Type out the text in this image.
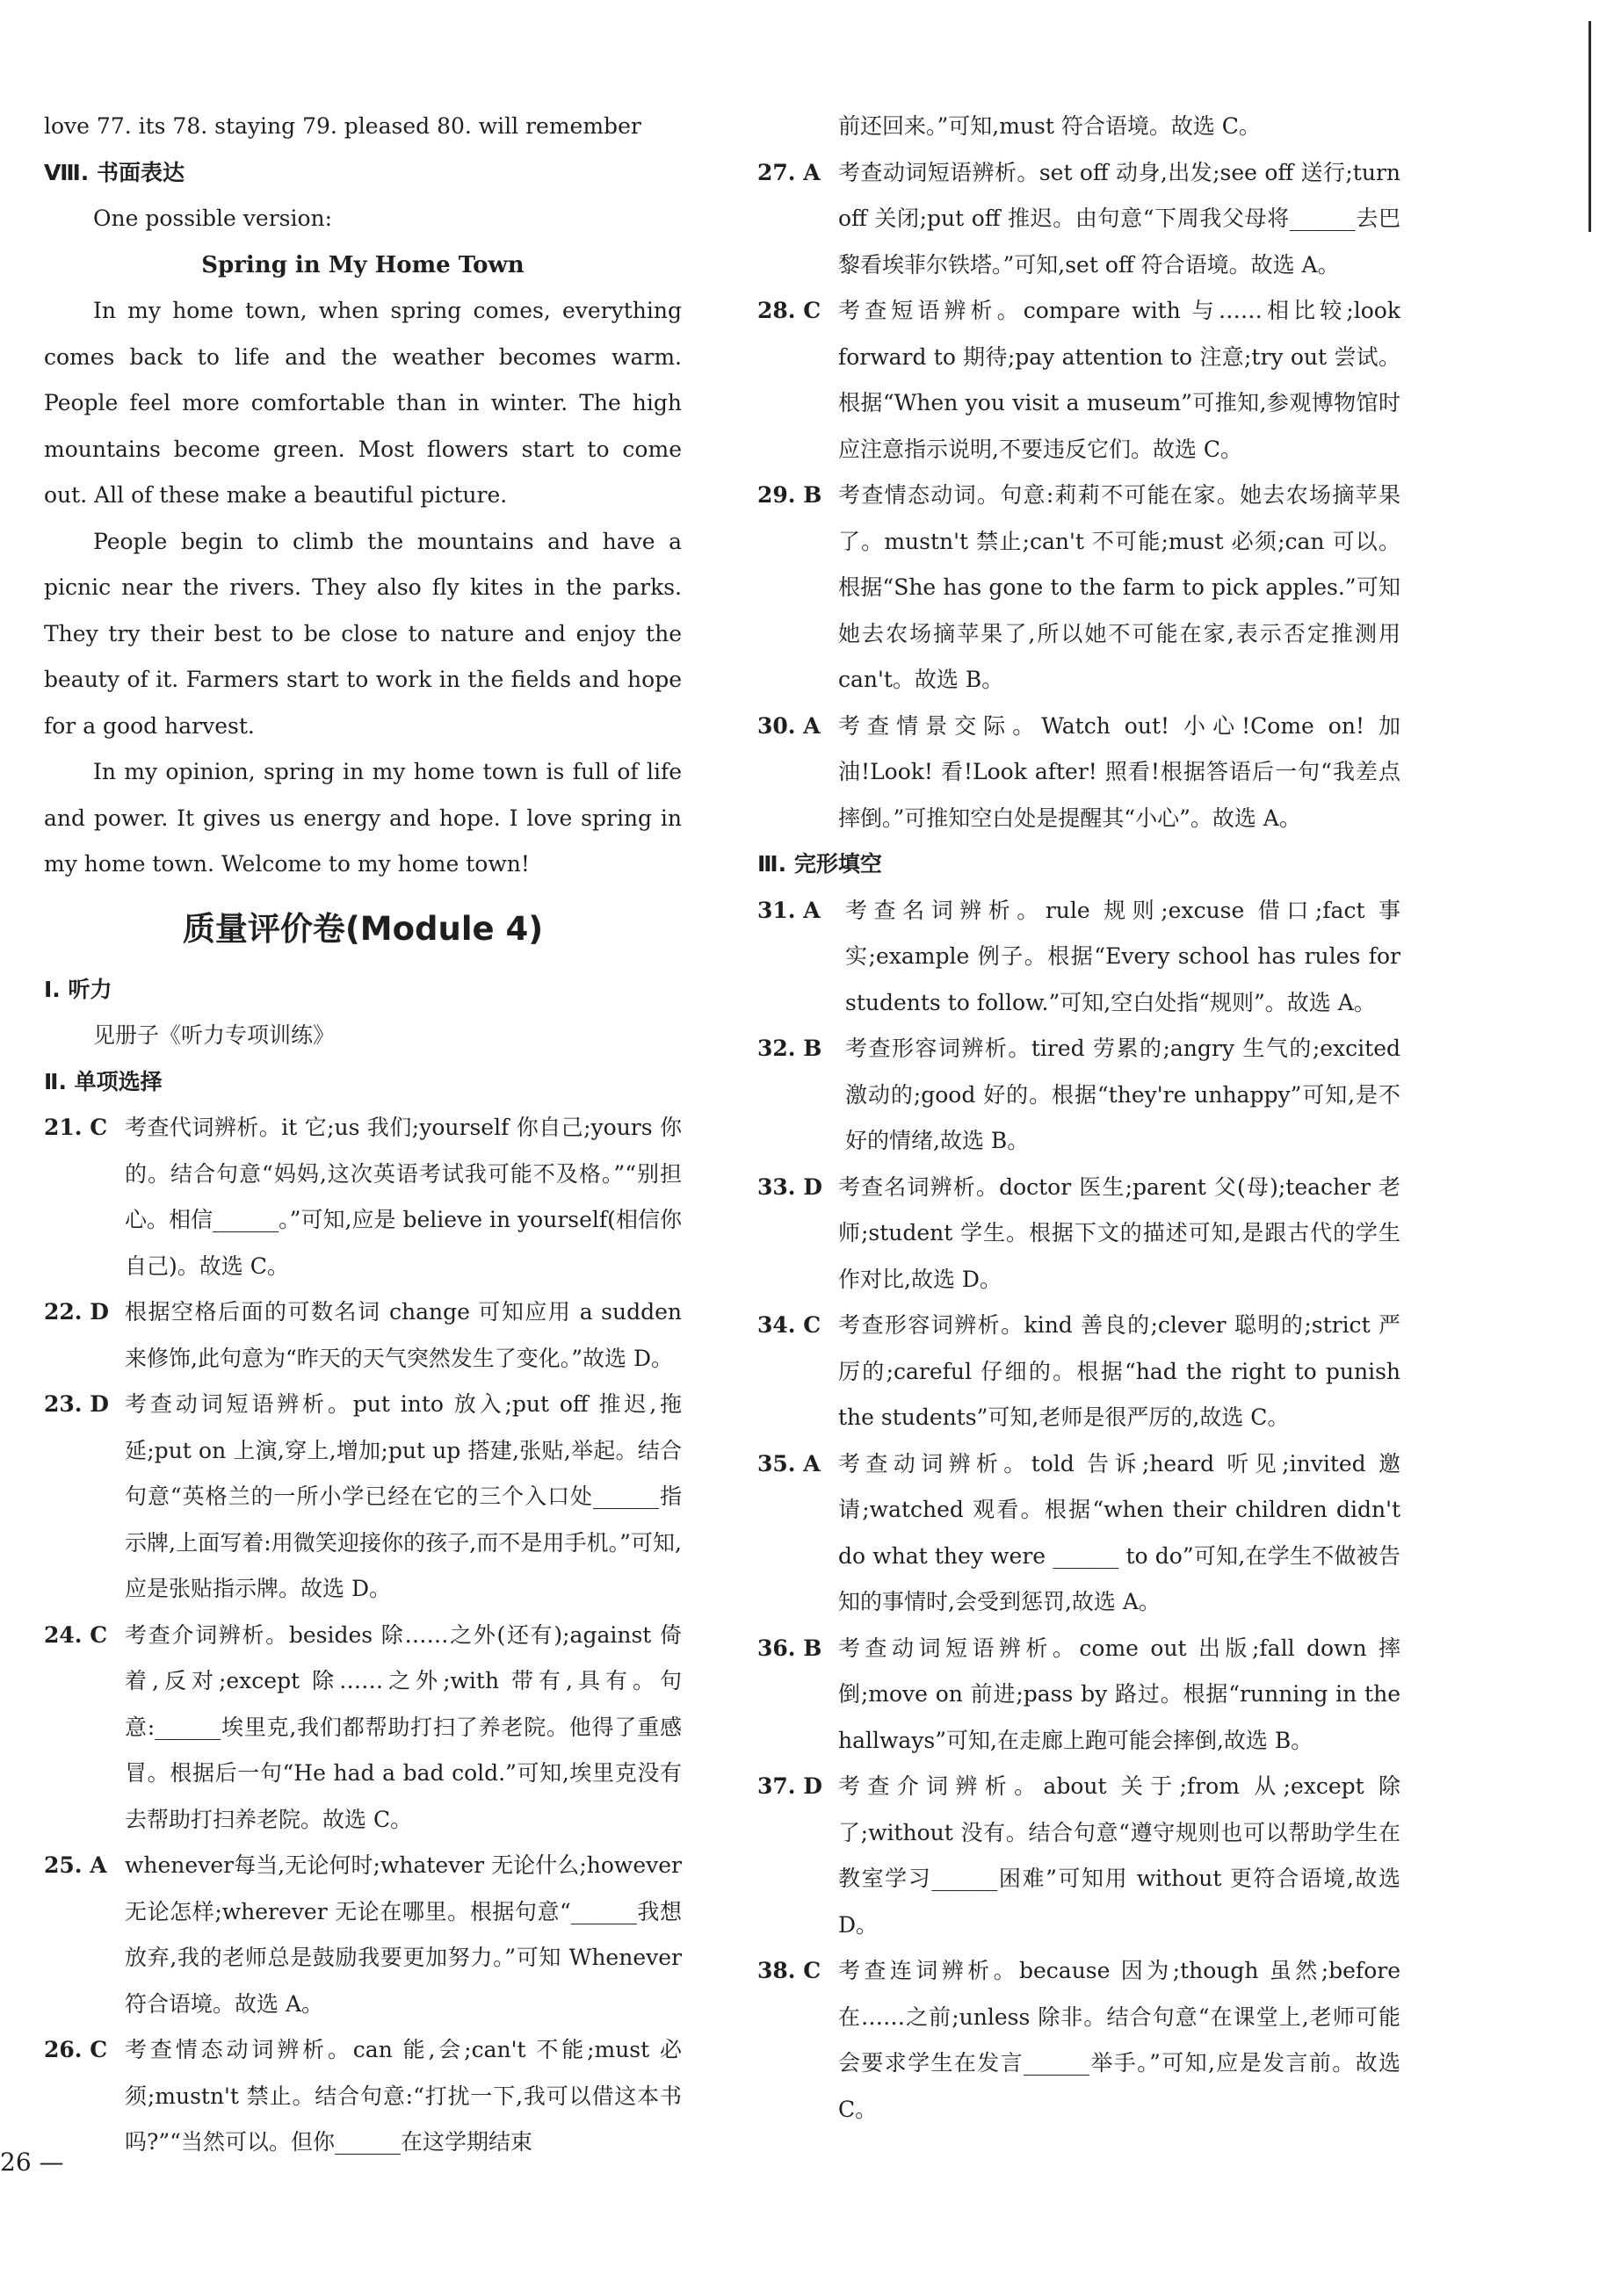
love 77. its 78. staying 79. pleased 80. will remember
Ⅷ. 书面表达
One possible version:
Spring in My Home Town
In my home town, when spring comes, everything comes back to life and the weather becomes warm. People feel more comfortable than in winter. The high mountains become green. Most flowers start to come out. All of these make a beautiful picture.
People begin to climb the mountains and have a picnic near the rivers. They also fly kites in the parks. They try their best to be close to nature and enjoy the beauty of it. Farmers start to work in the fields and hope for a good harvest.
In my opinion, spring in my home town is full of life and power. It gives us energy and hope. I love spring in my home town. Welcome to my home town!
质量评价卷(Module 4)
Ⅰ. 听力
见册子《听力专项训练》
Ⅱ. 单项选择
21. C 考查代词辨析。it 它;us 我们;yourself 你自己;yours 你的。结合句意“妈妈,这次英语考试我可能不及格。”“别担心。相信______。”可知,应是 believe in yourself(相信你自己)。故选 C。
22. D 根据空格后面的可数名词 change 可知应用 a sudden 来修饰,此句意为“昨天的天气突然发生了变化。”故选 D。
23. D 考查动词短语辨析。put into 放入;put off 推迟,拖延;put on 上演,穿上,增加;put up 搭建,张贴,举起。结合句意“英格兰的一所小学已经在它的三个入口处______指示牌,上面写着:用微笑迎接你的孩子,而不是用手机。”可知,应是张贴指示牌。故选 D。
24. C 考查介词辨析。besides 除……之外(还有);against 倚着,反对;except 除……之外;with 带有,具有。句意:______埃里克,我们都帮助打扫了养老院。他得了重感冒。根据后一句“He had a bad cold.”可知,埃里克没有去帮助打扫养老院。故选 C。
25. A whenever每当,无论何时;whatever 无论什么;however 无论怎样;wherever 无论在哪里。根据句意“______我想放弃,我的老师总是鼓励我要更加努力。”可知 Whenever 符合语境。故选 A。
26. C 考查情态动词辨析。can 能,会;can't 不能;must 必须;mustn't 禁止。结合句意:“打扰一下,我可以借这本书吗?”“当然可以。但你______在这学期结束
前还回来。”可知,must 符合语境。故选 C。
27. A 考查动词短语辨析。set off 动身,出发;see off 送行;turn off 关闭;put off 推迟。由句意“下周我父母将______去巴黎看埃菲尔铁塔。”可知,set off 符合语境。故选 A。
28. C 考查短语辨析。compare with 与……相比较;look forward to 期待;pay attention to 注意;try out 尝试。根据“When you visit a museum”可推知,参观博物馆时应注意指示说明,不要违反它们。故选 C。
29. B 考查情态动词。句意:莉莉不可能在家。她去农场摘苹果了。mustn't 禁止;can't 不可能;must 必须;can 可以。根据“She has gone to the farm to pick apples.”可知她去农场摘苹果了,所以她不可能在家,表示否定推测用 can't。故选 B。
30. A 考查情景交际。Watch out! 小心!Come on! 加油!Look! 看!Look after! 照看!根据答语后一句“我差点摔倒。”可推知空白处是提醒其“小心”。故选 A。
Ⅲ. 完形填空
31. A	考查名词辨析。rule 规则;excuse 借口;fact 事实;example 例子。根据“Every school has rules for students to follow.”可知,空白处指“规则”。故选 A。
32. B	考查形容词辨析。tired 劳累的;angry 生气的;excited 激动的;good 好的。根据“they're unhappy”可知,是不好的情绪,故选 B。
33. D 考查名词辨析。doctor 医生;parent 父(母);teacher 老师;student 学生。根据下文的描述可知,是跟古代的学生作对比,故选 D。
34. C 考查形容词辨析。kind 善良的;clever 聪明的;strict 严厉的;careful 仔细的。根据“had the right to punish the students”可知,老师是很严厉的,故选 C。
35. A 考查动词辨析。told 告诉;heard 听见;invited 邀请;watched 观看。根据“when their children didn't do what they were ______ to do”可知,在学生不做被告知的事情时,会受到惩罚,故选 A。
36. B 考查动词短语辨析。come out 出版;fall down 摔倒;move on 前进;pass by 路过。根据“running in the hallways”可知,在走廊上跑可能会摔倒,故选 B。
37. D 考查介词辨析。about 关于;from 从;except 除了;without 没有。结合句意“遵守规则也可以帮助学生在教室学习______困难”可知用 without 更符合语境,故选 D。
38. C 考查连词辨析。because 因为;though 虽然;before 在……之前;unless 除非。结合句意“在课堂上,老师可能会要求学生在发言______举手。”可知,应是发言前。故选 C。
26 —
